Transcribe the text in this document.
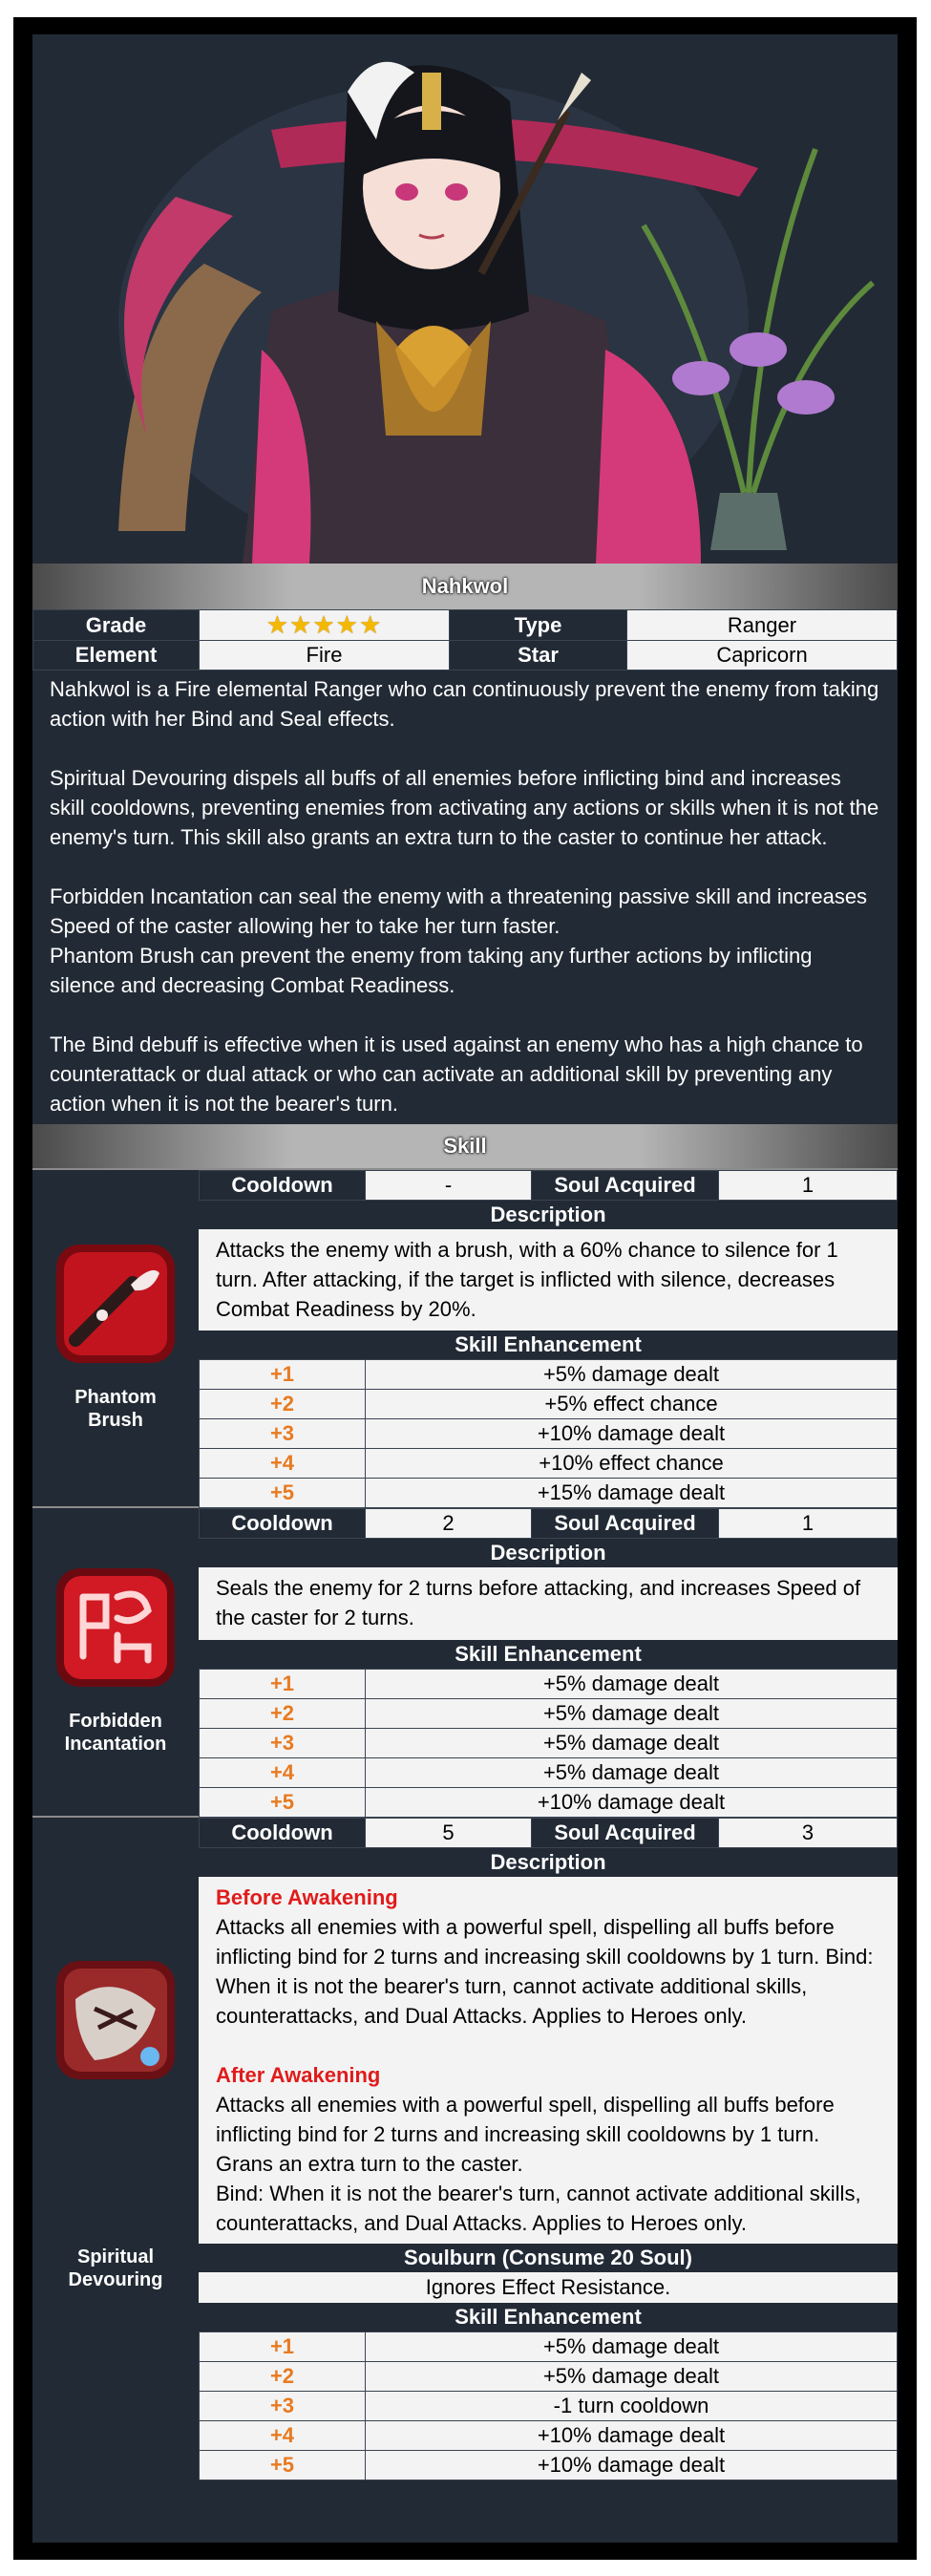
Nahkwol
Grade	★★★★★	Type	Ranger
Element	Fire	Star	Capricorn

Nahkwol is a Fire elemental Ranger who can continuously prevent the enemy from taking action with her Bind and Seal effects.

Spiritual Devouring dispels all buffs of all enemies before inflicting bind and increases skill cooldowns, preventing enemies from activating any actions or skills when it is not the enemy's turn. This skill also grants an extra turn to the caster to continue her attack.

Forbidden Incantation can seal the enemy with a threatening passive skill and increases Speed of the caster allowing her to take her turn faster.

Phantom Brush can prevent the enemy from taking any further actions by inflicting silence and decreasing Combat Readiness.

The Bind debuff is effective when it is used against an enemy who has a high chance to counterattack or dual attack or who can activate an additional skill by preventing any action when it is not the bearer's turn.

Skill
Phantom Brush
Cooldown	-	Soul Acquired	1
Description

Attacks the enemy with a brush, with a 60% chance to silence for 1 turn. After attacking, if the target is inflicted with silence, decreases Combat Readiness by 20%.

Skill Enhancement
+1	+5% damage dealt
+2	+5% effect chance
+3	+10% damage dealt
+4	+10% effect chance
+5	+15% damage dealt
Forbidden Incantation
Cooldown	2	Soul Acquired	1
Description

Seals the enemy for 2 turns before attacking, and increases Speed of the caster for 2 turns.

Skill Enhancement
+1	+5% damage dealt
+2	+5% damage dealt
+3	+5% damage dealt
+4	+5% damage dealt
+5	+10% damage dealt
Spiritual Devouring
Cooldown	5	Soul Acquired	3
Description

Before Awakening

Attacks all enemies with a powerful spell, dispelling all buffs before inflicting bind for 2 turns and increasing skill cooldowns by 1 turn. Bind: When it is not the bearer's turn, cannot activate additional skills, counterattacks, and Dual Attacks. Applies to Heroes only.

After Awakening

Attacks all enemies with a powerful spell, dispelling all buffs before inflicting bind for 2 turns and increasing skill cooldowns by 1 turn. Grans an extra turn to the caster.

Bind: When it is not the bearer's turn, cannot activate additional skills, counterattacks, and Dual Attacks. Applies to Heroes only.

Soulburn (Consume 20 Soul)
Ignores Effect Resistance.
Skill Enhancement
+1	+5% damage dealt
+2	+5% damage dealt
+3	-1 turn cooldown
+4	+10% damage dealt
+5	+10% damage dealt
